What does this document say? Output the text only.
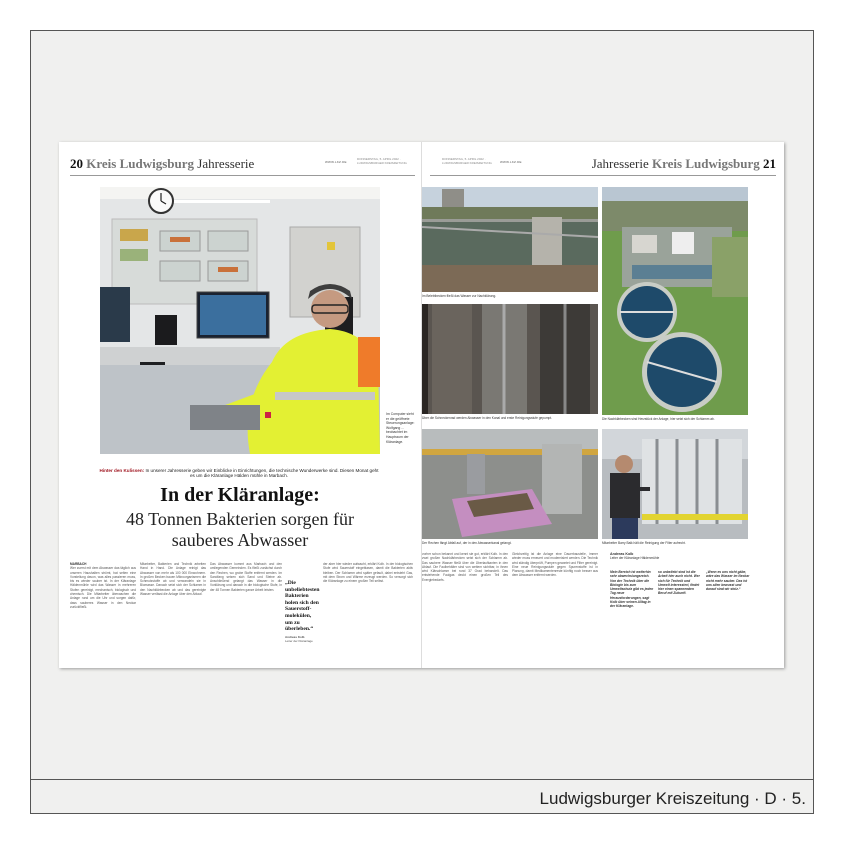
20 Kreis Ludwigsburg Jahresserie	WWW.LKZ.DE
DONNERSTAG, 5. APRIL 2022 · LUDWIGSBURGER KREISZEITUNG
Im Computer sieht er die geöffnete Steuerungsanlage: Wolfgang ... beobachtet im Hauptraum der Kläranlage.
Hinter den Kulissen: In unserer Jahresserie geben wir Einblicke in Einrichtungen, die technische Wunderwerke sind. Diesen Monat geht es um die Kläranlage Hälden mühle in Marbach.
In der Kläranlage:
48 Tonnen Bakterien sorgen für sauberes Abwasser
MARBACH
Wer zuerst mit dem Abwasser das täglich aus unseren Haushalten strömt, hat selten eine Vorstellung davon, was alles passieren muss, bis es wieder sauber ist. In der Kläranlage Häldenmühle wird das Wasser in mehreren Stufen gereinigt, mechanisch, biologisch und chemisch. Die Mitarbeiter überwachen die Anlage rund um die Uhr und sorgen dafür, dass sauberes Wasser in den Neckar zurückfließt.
Mitarbeiter, Bakterien und Technik arbeiten Hand in Hand. Die Anlage reinigt das Abwasser von mehr als 100 000 Einwohnern. In großen Becken bauen Mikroorganismen die Schmutzstoffe ab und verwandeln sie in Biomasse. Danach setzt sich der Schlamm in den Nachklärbecken ab und das gereinigte Wasser verlässt die Anlage über den Ablauf.
Das Abwasser kommt aus Marbach und den umliegenden Gemeinden. Es fließt zunächst durch den Rechen, wo grobe Stoffe entfernt werden. Im Sandfang setzen sich Sand und Steine ab. Anschließend gelangt das Wasser in die Vorklärung und danach in die biologische Stufe, in der 48 Tonnen Bakterien ganze Arbeit leisten.
„Die unbeliebtesten Bakterien holen sich den Sauerstoff-molekülen, um zu überleben.“
Andreas Kolb
Leiter der Kläranlage
der aber hier wieder aufwacht, erklärt Kolb. In der biologischen Stufe wird Sauerstoff eingeblasen, damit die Bakterien aktiv bleiben. Der Schlamm wird später gefault, dabei entsteht Gas, mit dem Strom und Wärme erzeugt werden. So versorgt sich die Kläranlage zu einem großen Teil selbst.
DONNERSTAG, 5. APRIL 2022 · LUDWIGSBURGER KREISZEITUNG	WWW.LKZ.DE	Jahresserie Kreis Ludwigsburg 21
Im Belebtbecken fließt das Wasser zur Nachklärung.
Die Nachklärbecken sind Herzstück der Anlage, hier setzt sich der Schlamm ab.
Über die Schneckenrad werden Abwasser in den Kanal und erste Reinigungsstufe gepumpt.
Der Rechen fängt Abfall auf, der in den Abwasserkanal gelangt.	Mitarbeiter Barry Balk hält die Reinigung der Filter aufrecht.
vorher schon bekannt und kennt sie gut, erklärt Kolb. In den zwei großen Nachklärbecken setzt sich der Schlamm ab. Das saubere Wasser fließt über die Überlaufkanten in den Ablauf. Die Faulbehälter sind von weitem sichtbar, in ihnen wird Klärschlamm bei rund 37 Grad behandelt. Das entstehende Faulgas deckt einen großen Teil des Energiebedarfs.
Gleichzeitig ist die Anlage eine Dauerbaustelle, immer wieder muss erneuert und modernisiert werden. Die Technik wird ständig überprüft, Pumpen gewartet und Filter gereinigt. Eine neue Reinigungsstufe gegen Spurenstoffe ist in Planung, damit Medikamentenreste künftig noch besser aus dem Abwasser entfernt werden.
Andreas Kolb
Leiter der Kläranlage Häldenmühle
Mein Bereich ist weiterhin sehr abwechslungsreich. Von der Technik über die Biologie bis zum Umweltschutz gibt es jeden Tag neue Herausforderungen, sagt Kolb über seinen Alltag in der Kläranlage.
so unbeliebt sind ist die Arbeit hier auch nicht. Wer sich für Technik und Umwelt interessiert, findet hier einen spannenden Beruf mit Zukunft.
„Wenn es uns nicht gäbe, wäre das Wasser im Neckar nicht mehr sauber. Das ist uns allen bewusst und darauf sind wir stolz.“
Ludwigsburger Kreiszeitung · D · 5.
